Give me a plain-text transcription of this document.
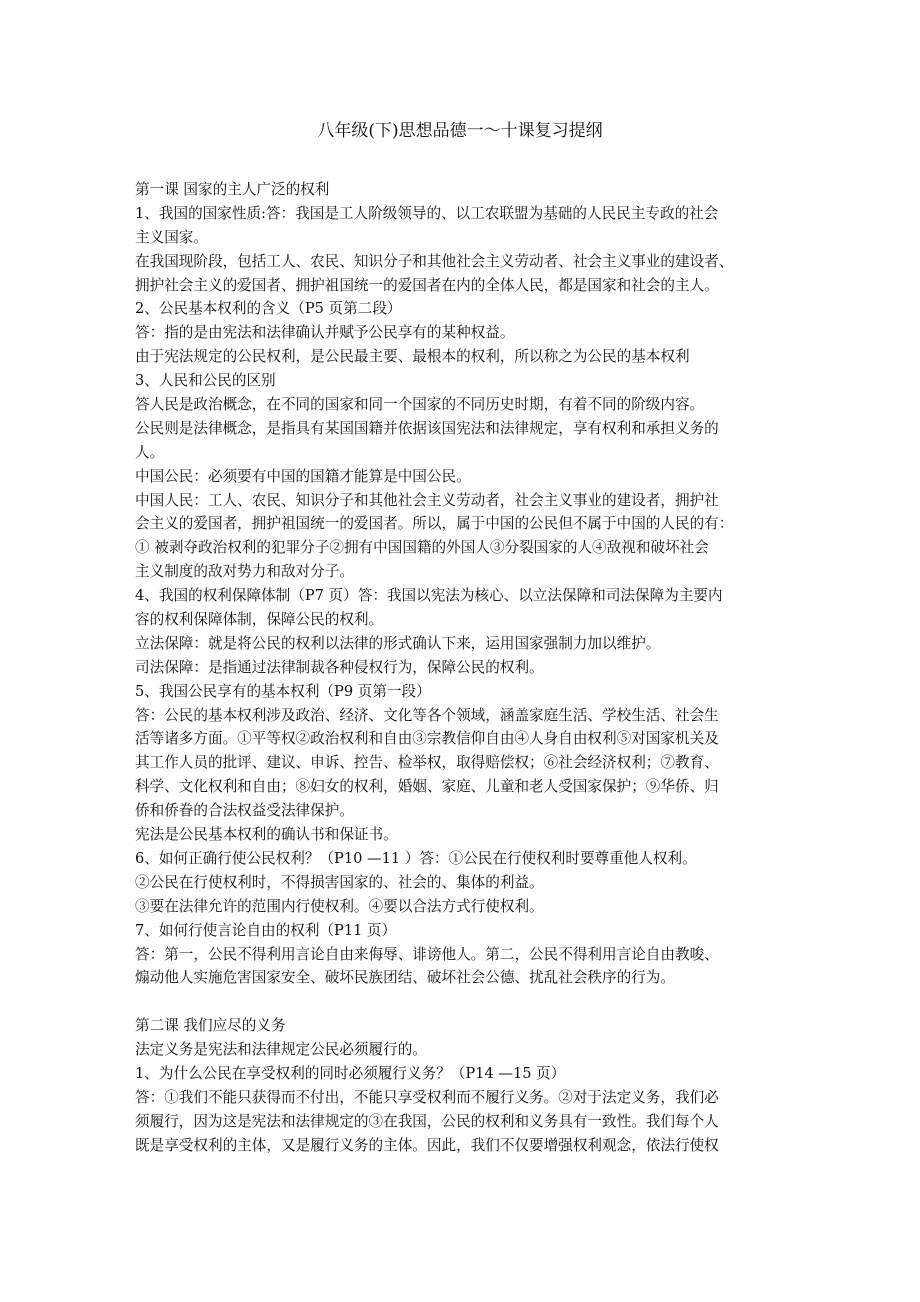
八年级(下)思想品德一～十课复习提纲
第一课 国家的主人广泛的权利
1、我国的国家性质:答：我国是工人阶级领导的、以工农联盟为基础的人民民主专政的社会
主义国家。
在我国现阶段，包括工人、农民、知识分子和其他社会主义劳动者、社会主义事业的建设者、
拥护社会主义的爱国者、拥护祖国统一的爱国者在内的全体人民，都是国家和社会的主人。
2、公民基本权利的含义（P5 页第二段）
答：指的是由宪法和法律确认并赋予公民享有的某种权益。
由于宪法规定的公民权利，是公民最主要、最根本的权利，所以称之为公民的基本权利
3、人民和公民的区别
答人民是政治概念，在不同的国家和同一个国家的不同历史时期，有着不同的阶级内容。
公民则是法律概念，是指具有某国国籍并依据该国宪法和法律规定，享有权利和承担义务的
人。
中国公民：必须要有中国的国籍才能算是中国公民。
中国人民：工人、农民、知识分子和其他社会主义劳动者，社会主义事业的建设者，拥护社
会主义的爱国者，拥护祖国统一的爱国者。所以，属于中国的公民但不属于中国的人民的有：
① 被剥夺政治权利的犯罪分子②拥有中国国籍的外国人③分裂国家的人④敌视和破坏社会
主义制度的敌对势力和敌对分子。
4、我国的权利保障体制（P7 页）答：我国以宪法为核心、以立法保障和司法保障为主要内
容的权利保障体制，保障公民的权利。
立法保障：就是将公民的权利以法律的形式确认下来，运用国家强制力加以维护。
司法保障：是指通过法律制裁各种侵权行为，保障公民的权利。
5、我国公民享有的基本权利（P9 页第一段）
答：公民的基本权利涉及政治、经济、文化等各个领域，涵盖家庭生活、学校生活、社会生
活等诸多方面。①平等权②政治权利和自由③宗教信仰自由④人身自由权利⑤对国家机关及
其工作人员的批评、建议、申诉、控告、检举权，取得赔偿权；⑥社会经济权利；⑦教育、
科学、文化权利和自由；⑧妇女的权利，婚姻、家庭、儿童和老人受国家保护；⑨华侨、归
侨和侨眷的合法权益受法律保护。
宪法是公民基本权利的确认书和保证书。
6、如何正确行使公民权利？（P10 —11 ）答：①公民在行使权利时要尊重他人权利。
②公民在行使权利时，不得损害国家的、社会的、集体的利益。
③要在法律允许的范围内行使权利。④要以合法方式行使权利。
7、如何行使言论自由的权利（P11 页）
答：第一，公民不得利用言论自由来侮辱、诽谤他人。第二，公民不得利用言论自由教唆、
煽动他人实施危害国家安全、破坏民族团结、破坏社会公德、扰乱社会秩序的行为。
第二课 我们应尽的义务
法定义务是宪法和法律规定公民必须履行的。
1、为什么公民在享受权利的同时必须履行义务？（P14 —15 页）
答：①我们不能只获得而不付出，不能只享受权利而不履行义务。②对于法定义务，我们必
须履行，因为这是宪法和法律规定的③在我国，公民的权利和义务具有一致性。我们每个人
既是享受权利的主体，又是履行义务的主体。因此，我们不仅要增强权利观念，依法行使权
